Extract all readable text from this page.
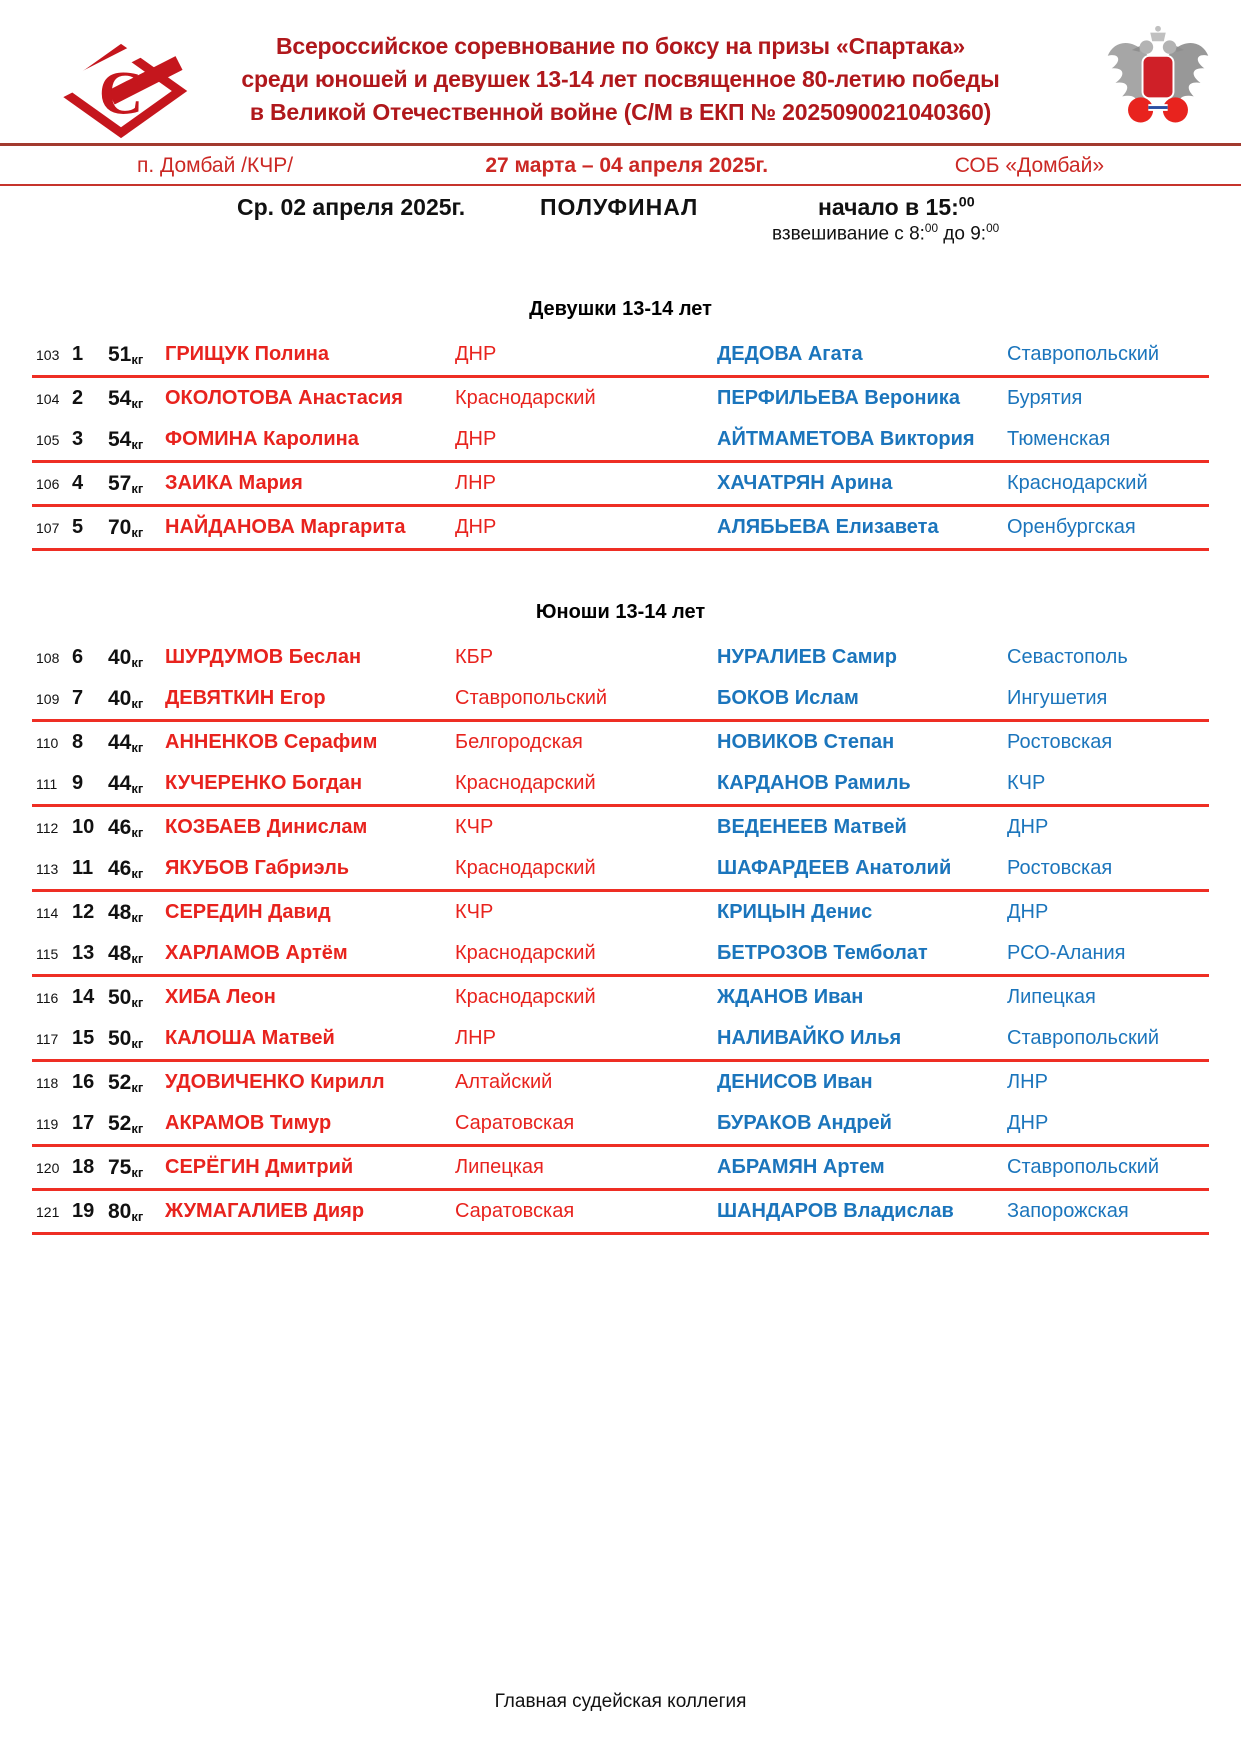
С
Всероссийское соревнование по боксу на призы «Спартака»
среди юношей и девушек 13-14 лет посвященное 80-летию победы
в Великой Отечественной войне (С/М в ЕКП № 2025090021040360)
п. Домбай /КЧР/	27 марта – 04 апреля 2025г.	СОБ «Домбай»
Ср. 02 апреля 2025г.	ПОЛУФИНАЛ	начало в 15:$^{00}$
взвешивание с 8:$^{00}$ до 9:$^{00}$
Девушки 13-14 лет
103 1	51кг	ГРИЩУК Полина	ДНР	ДЕДОВА Агата	Ставропольский
104 2	54кг	ОКОЛОТОВА Анастасия	Краснодарский	ПЕРФИЛЬЕВА Вероника	Бурятия
105 3	54кг	ФОМИНА Каролина	ДНР	АЙТМАМЕТОВА Виктория	Тюменская
106 4	57кг	ЗАИКА Мария	ЛНР	ХАЧАТРЯН Арина	Краснодарский
107 5	70кг	НАЙДАНОВА Маргарита	ДНР	АЛЯБЬЕВА Елизавета	Оренбургская
Юноши 13-14 лет
108 6	40кг	ШУРДУМОВ Беслан	КБР	НУРАЛИЕВ Самир	Севастополь
109 7	40кг	ДЕВЯТКИН Егор	Ставропольский	БОКОВ Ислам	Ингушетия
110 8	44кг	АННЕНКОВ Серафим	Белгородская	НОВИКОВ Степан	Ростовская
111 9	44кг	КУЧЕРЕНКО Богдан	Краснодарский	КАРДАНОВ Рамиль	КЧР
112 10 46кг	КОЗБАЕВ Динислам	КЧР	ВЕДЕНЕЕВ Матвей	ДНР
113 11 46кг	ЯКУБОВ Габриэль	Краснодарский	ШАФАРДЕЕВ Анатолий	Ростовская
114 12 48кг	СЕРЕДИН Давид	КЧР	КРИЦЫН Денис	ДНР
115 13 48кг	ХАРЛАМОВ Артём	Краснодарский	БЕТРОЗОВ Темболат	РСО-Алания
116 14 50кг	ХИБА Леон	Краснодарский	ЖДАНОВ Иван	Липецкая
117 15 50кг	КАЛОША Матвей	ЛНР	НАЛИВАЙКО Илья	Ставропольский
118 16 52кг	УДОВИЧЕНКО Кирилл	Алтайский	ДЕНИСОВ Иван	ЛНР
119 17 52кг	АКРАМОВ Тимур	Саратовская	БУРАКОВ Андрей	ДНР
120 18 75кг	СЕРЁГИН Дмитрий	Липецкая	АБРАМЯН Артем	Ставропольский
121 19 80кг	ЖУМАГАЛИЕВ Дияр	Саратовская	ШАНДАРОВ Владислав	Запорожская
Главная судейская коллегия
